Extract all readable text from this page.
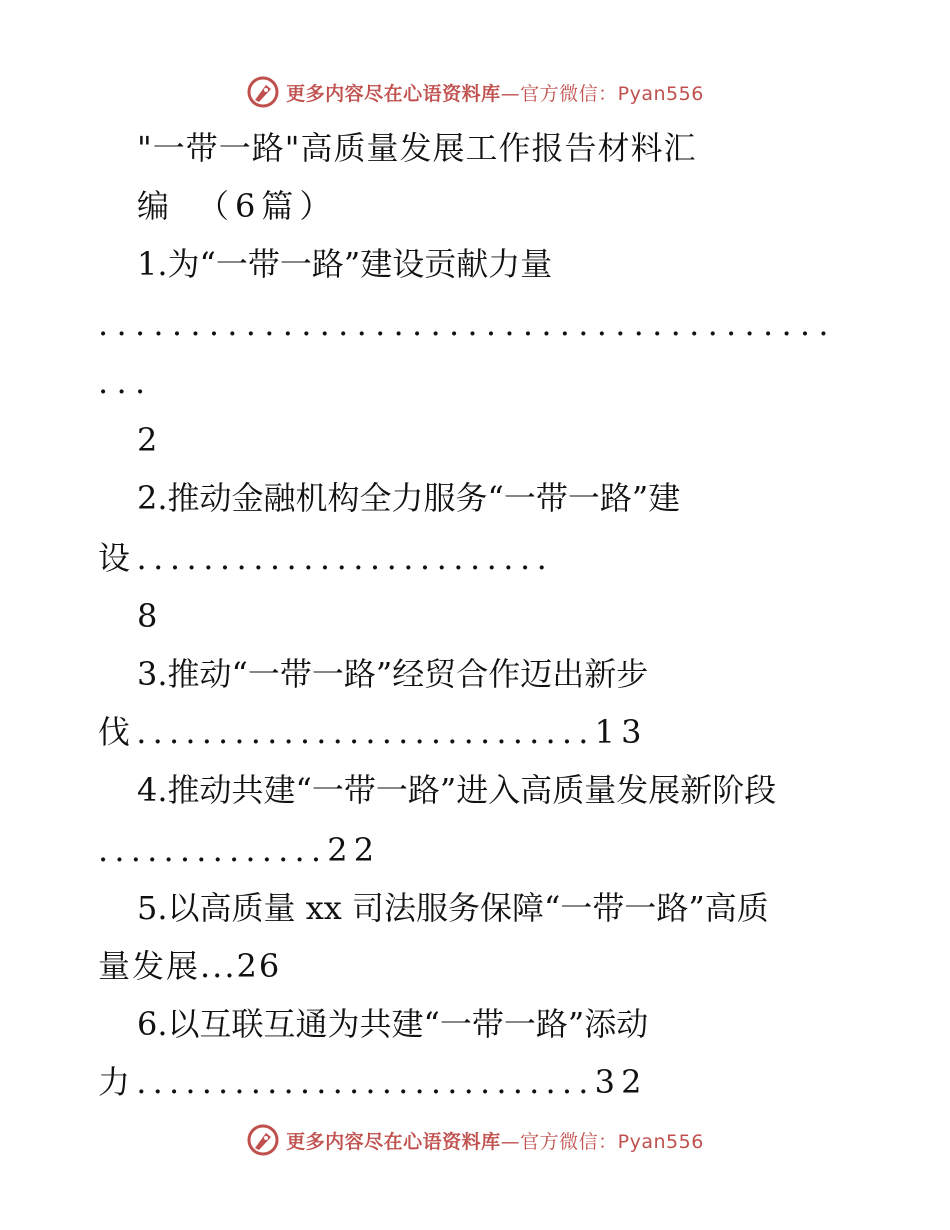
更多内容尽在心语资料库—官方微信：Pyan556
"一带一路"高质量发展工作报告材料汇
编　（6篇）
1.为“一带一路”建设贡献力量
........................................
...
2
2.推动金融机构全力服务“一带一路”建
设.........................
8
3.推动“一带一路”经贸合作迈出新步
伐............................13
4.推动共建“一带一路”进入高质量发展新阶段
..............22
5.以高质量 xx 司法服务保障“一带一路”高质
量发展...26
6.以互联互通为共建“一带一路”添动
力............................32
更多内容尽在心语资料库—官方微信：Pyan556
